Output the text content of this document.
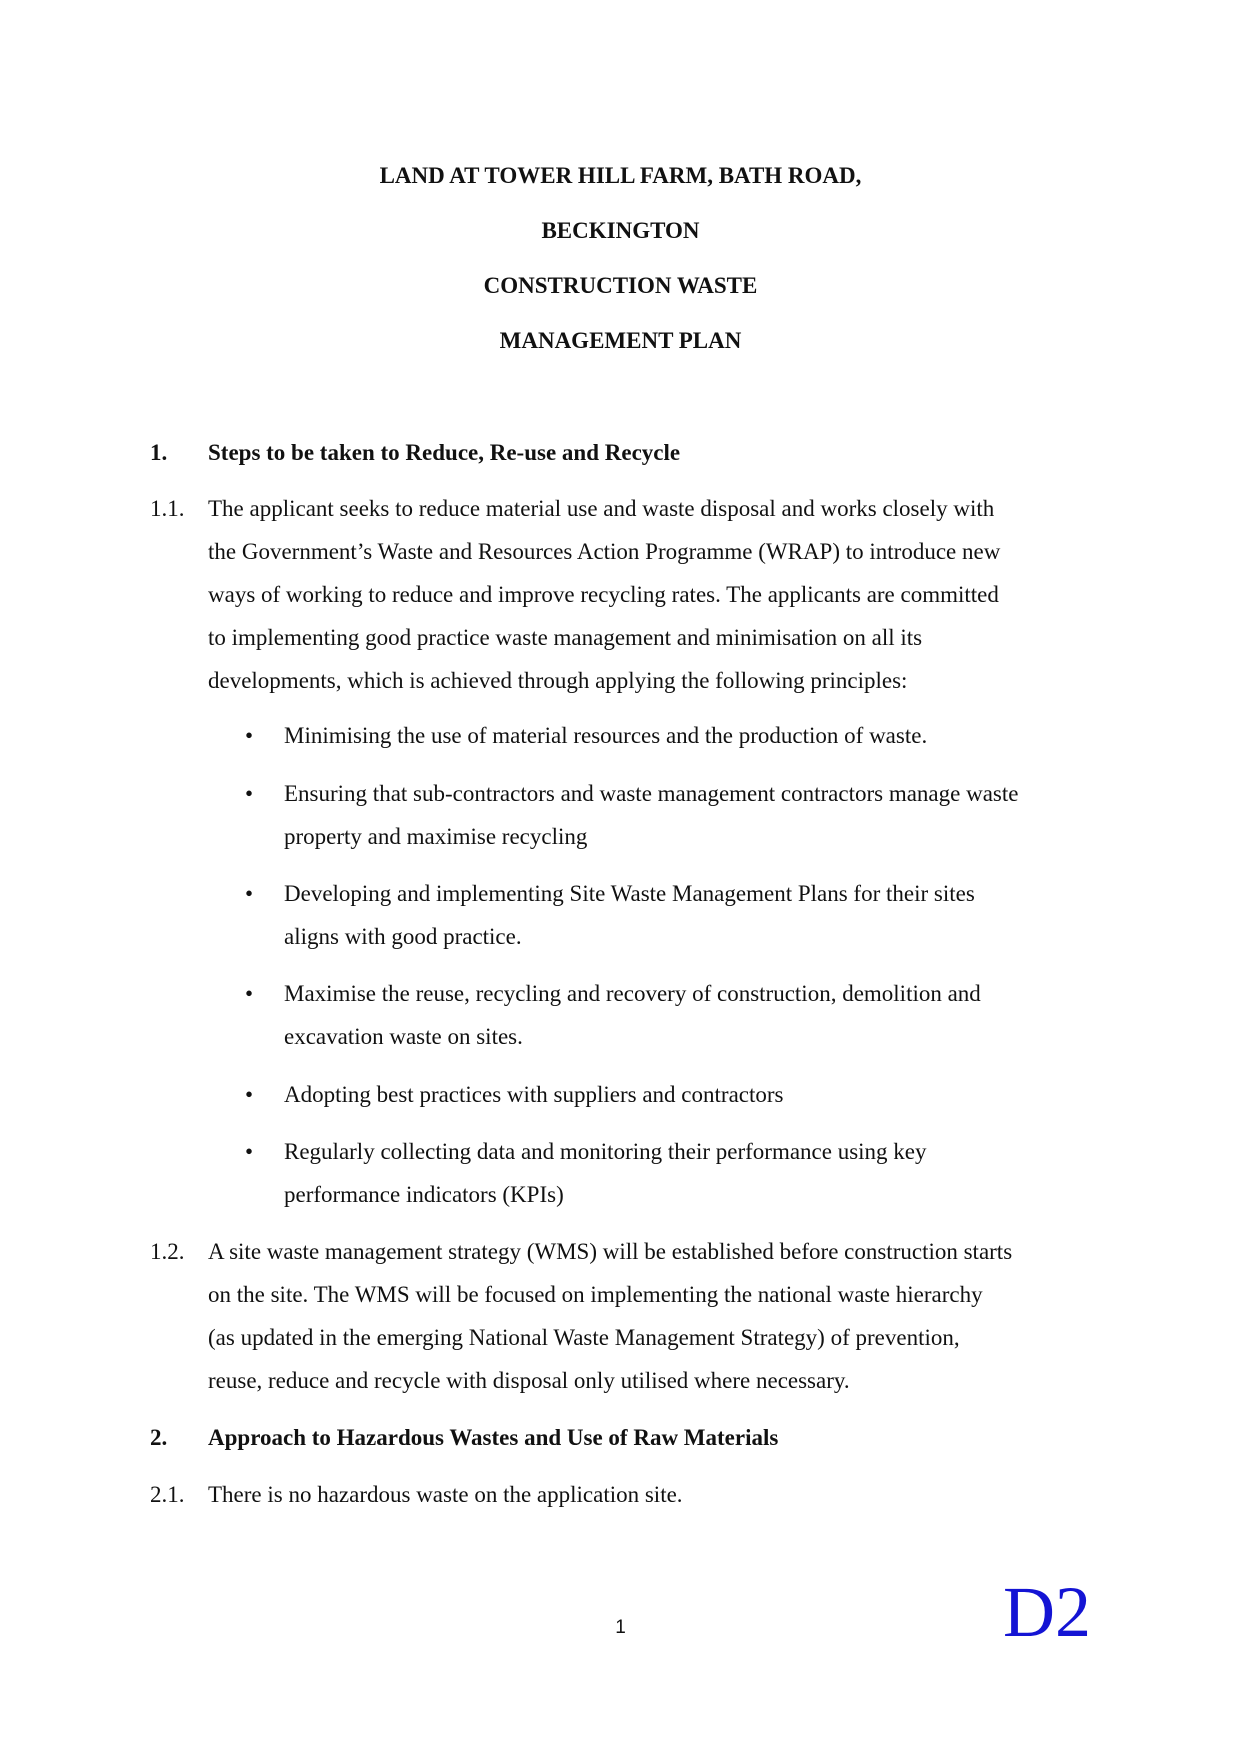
LAND AT TOWER HILL FARM, BATH ROAD,
BECKINGTON
CONSTRUCTION WASTE
MANAGEMENT PLAN
1. Steps to be taken to Reduce, Re-use and Recycle
1.1. The applicant seeks to reduce material use and waste disposal and works closely with
the Government’s Waste and Resources Action Programme (WRAP) to introduce new
ways of working to reduce and improve recycling rates. The applicants are committed
to implementing good practice waste management and minimisation on all its
developments, which is achieved through applying the following principles:
• Minimising the use of material resources and the production of waste.
• Ensuring that sub-contractors and waste management contractors manage waste
property and maximise recycling
• Developing and implementing Site Waste Management Plans for their sites
aligns with good practice.
• Maximise the reuse, recycling and recovery of construction, demolition and
excavation waste on sites.
• Adopting best practices with suppliers and contractors
• Regularly collecting data and monitoring their performance using key
performance indicators (KPIs)
1.2. A site waste management strategy (WMS) will be established before construction starts
on the site. The WMS will be focused on implementing the national waste hierarchy
(as updated in the emerging National Waste Management Strategy) of prevention,
reuse, reduce and recycle with disposal only utilised where necessary.
2. Approach to Hazardous Wastes and Use of Raw Materials
2.1. There is no hazardous waste on the application site.
1	D2
